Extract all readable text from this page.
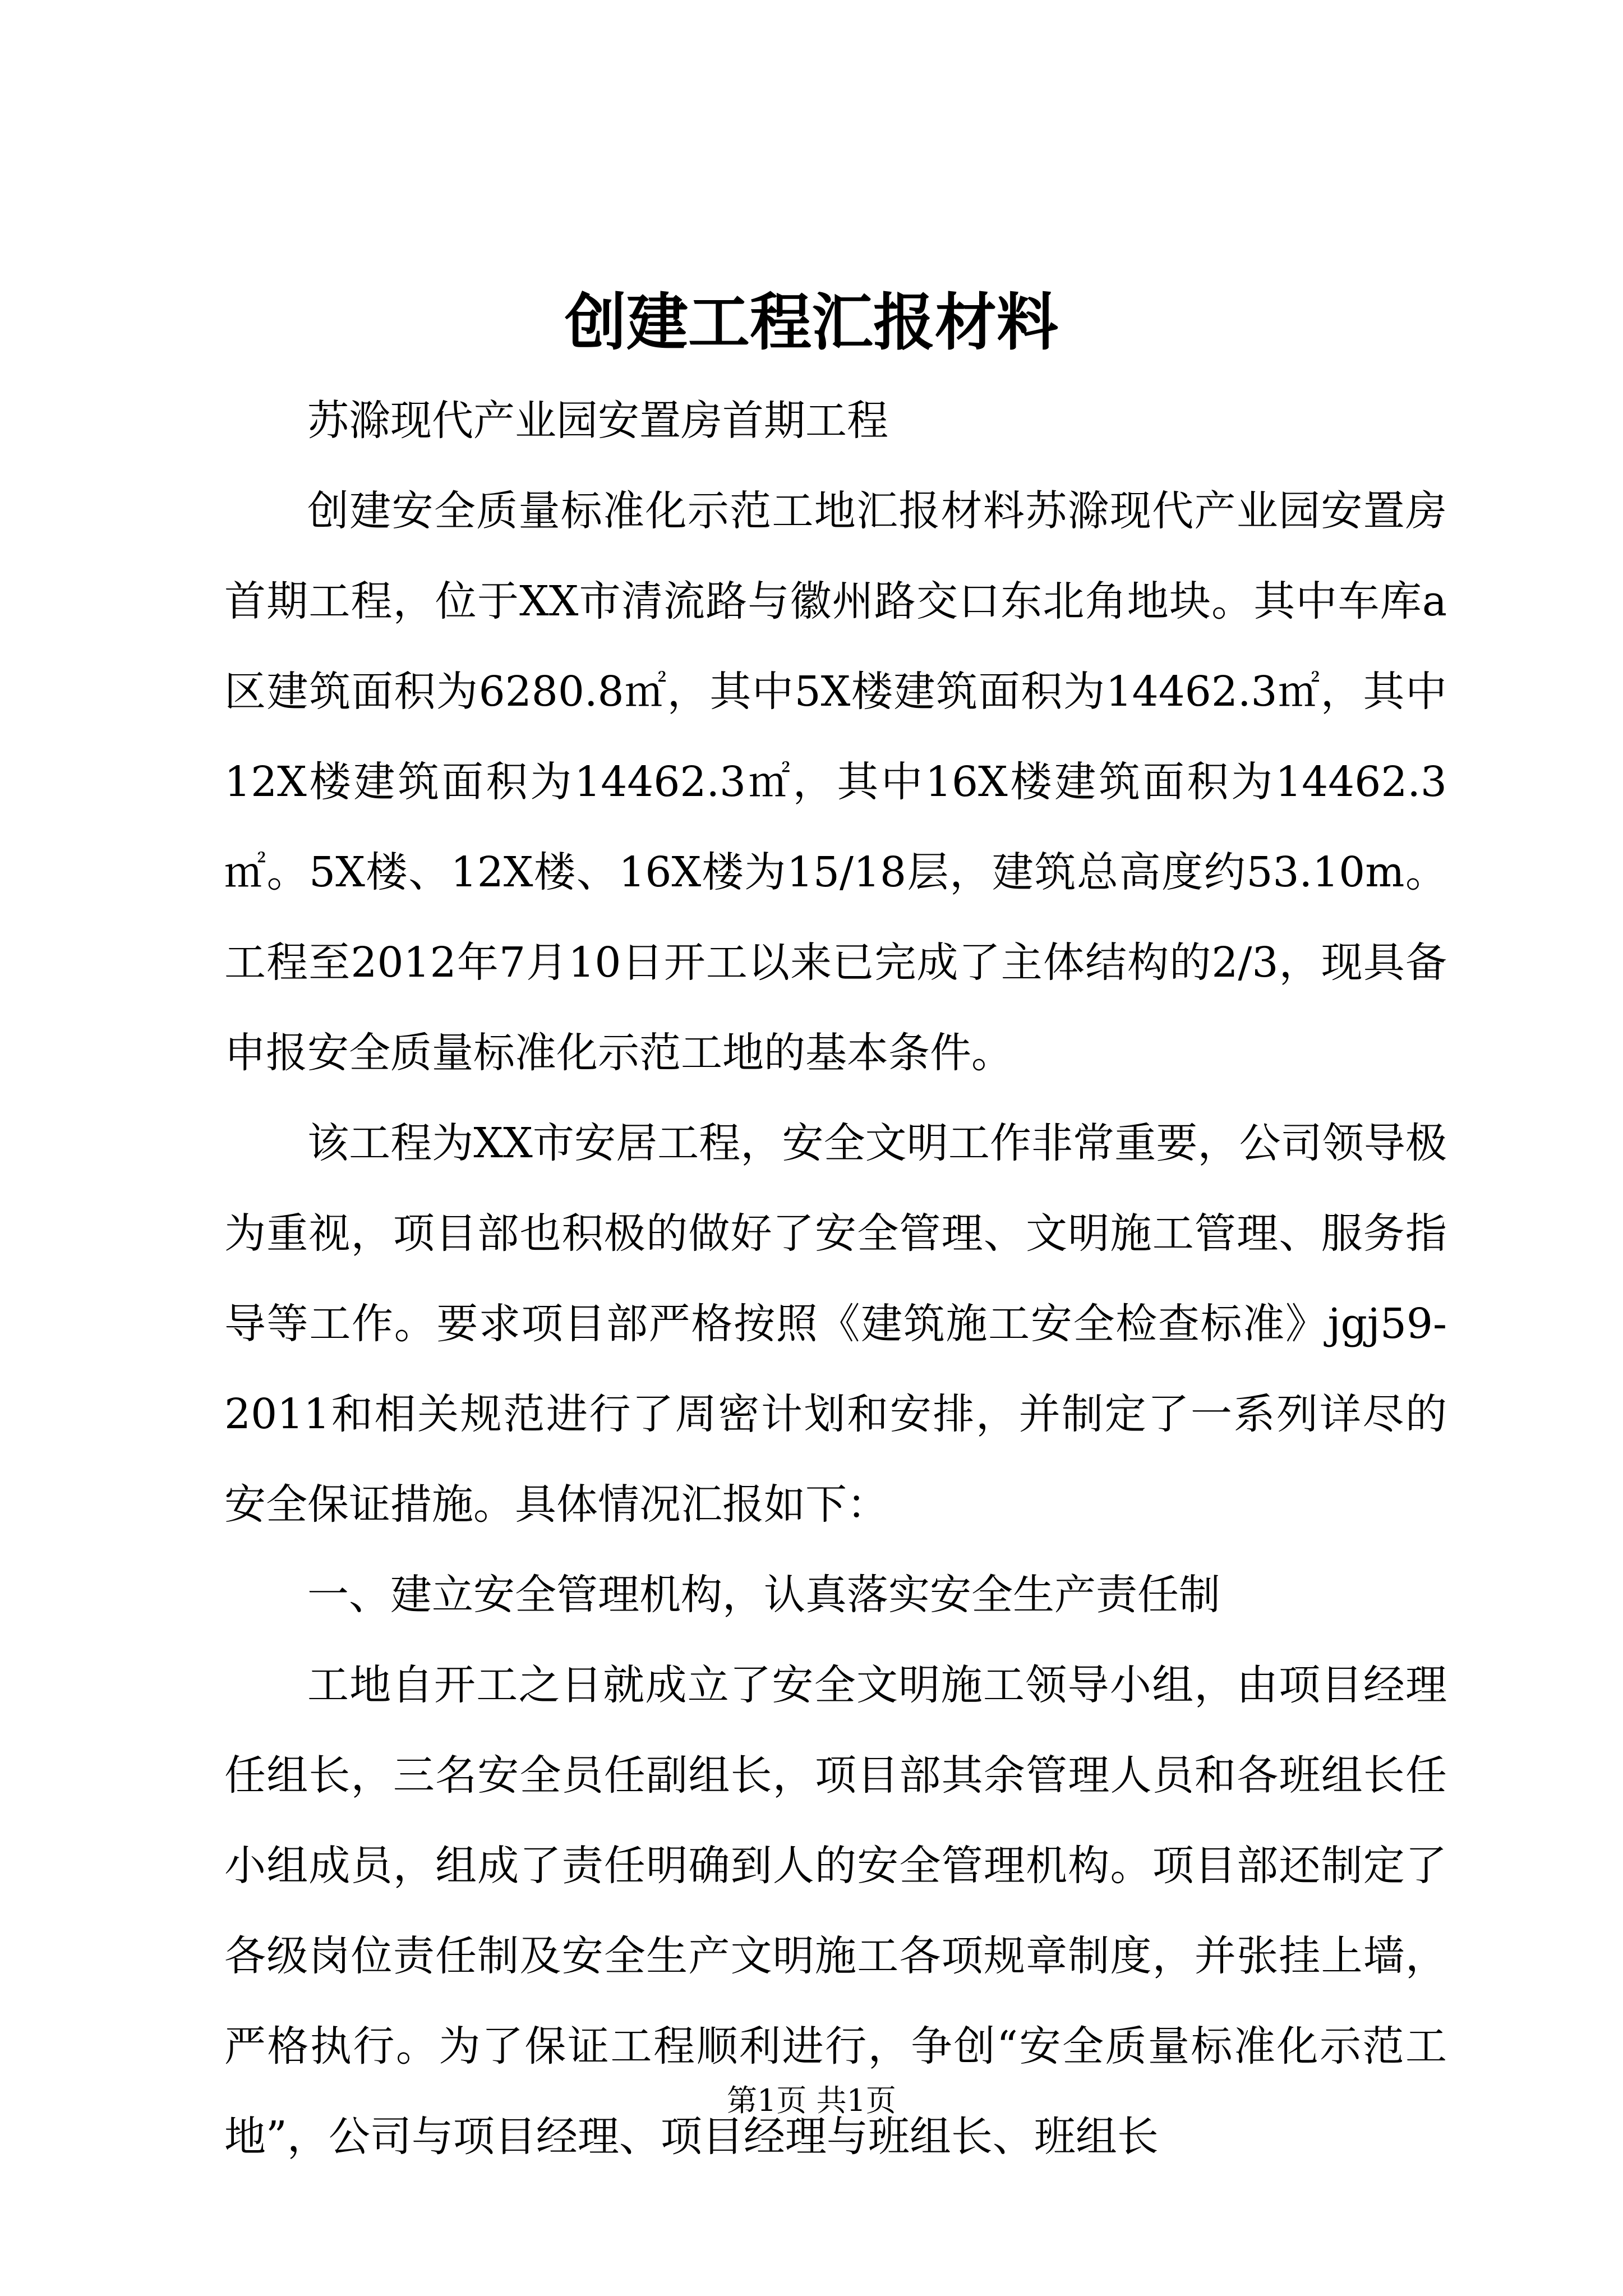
创建工程汇报材料

苏滁现代产业园安置房首期工程

创建安全质量标准化示范工地汇报材料苏滁现代产业园安置房首期工程，位于XX市清流路与徽州路交口东北角地块。其中车库a区建筑面积为6280.8㎡，其中5X楼建筑面积为14462.3㎡，其中12X楼建筑面积为14462.3㎡，其中16X楼建筑面积为14462.3㎡。5X楼、12X楼、16X楼为15/18层，建筑总高度约53.10m。工程至2012年7月10日开工以来已完成了主体结构的2/3，现具备申报安全质量标准化示范工地的基本条件。

该工程为XX市安居工程，安全文明工作非常重要，公司领导极为重视，项目部也积极的做好了安全管理、文明施工管理、服务指导等工作。要求项目部严格按照《建筑施工安全检查标准》jgj59-2011和相关规范进行了周密计划和安排，并制定了一系列详尽的安全保证措施。具体情况汇报如下：

一、建立安全管理机构，认真落实安全生产责任制

工地自开工之日就成立了安全文明施工领导小组，由项目经理任组长，三名安全员任副组长，项目部其余管理人员和各班组长任小组成员，组成了责任明确到人的安全管理机构。项目部还制定了各级岗位责任制及安全生产文明施工各项规章制度，并张挂上墙，严格执行。为了保证工程顺利进行，争创“安全质量标准化示范工地”，公司与项目经理、项目经理与班组长、班组长

第1页 共1页
